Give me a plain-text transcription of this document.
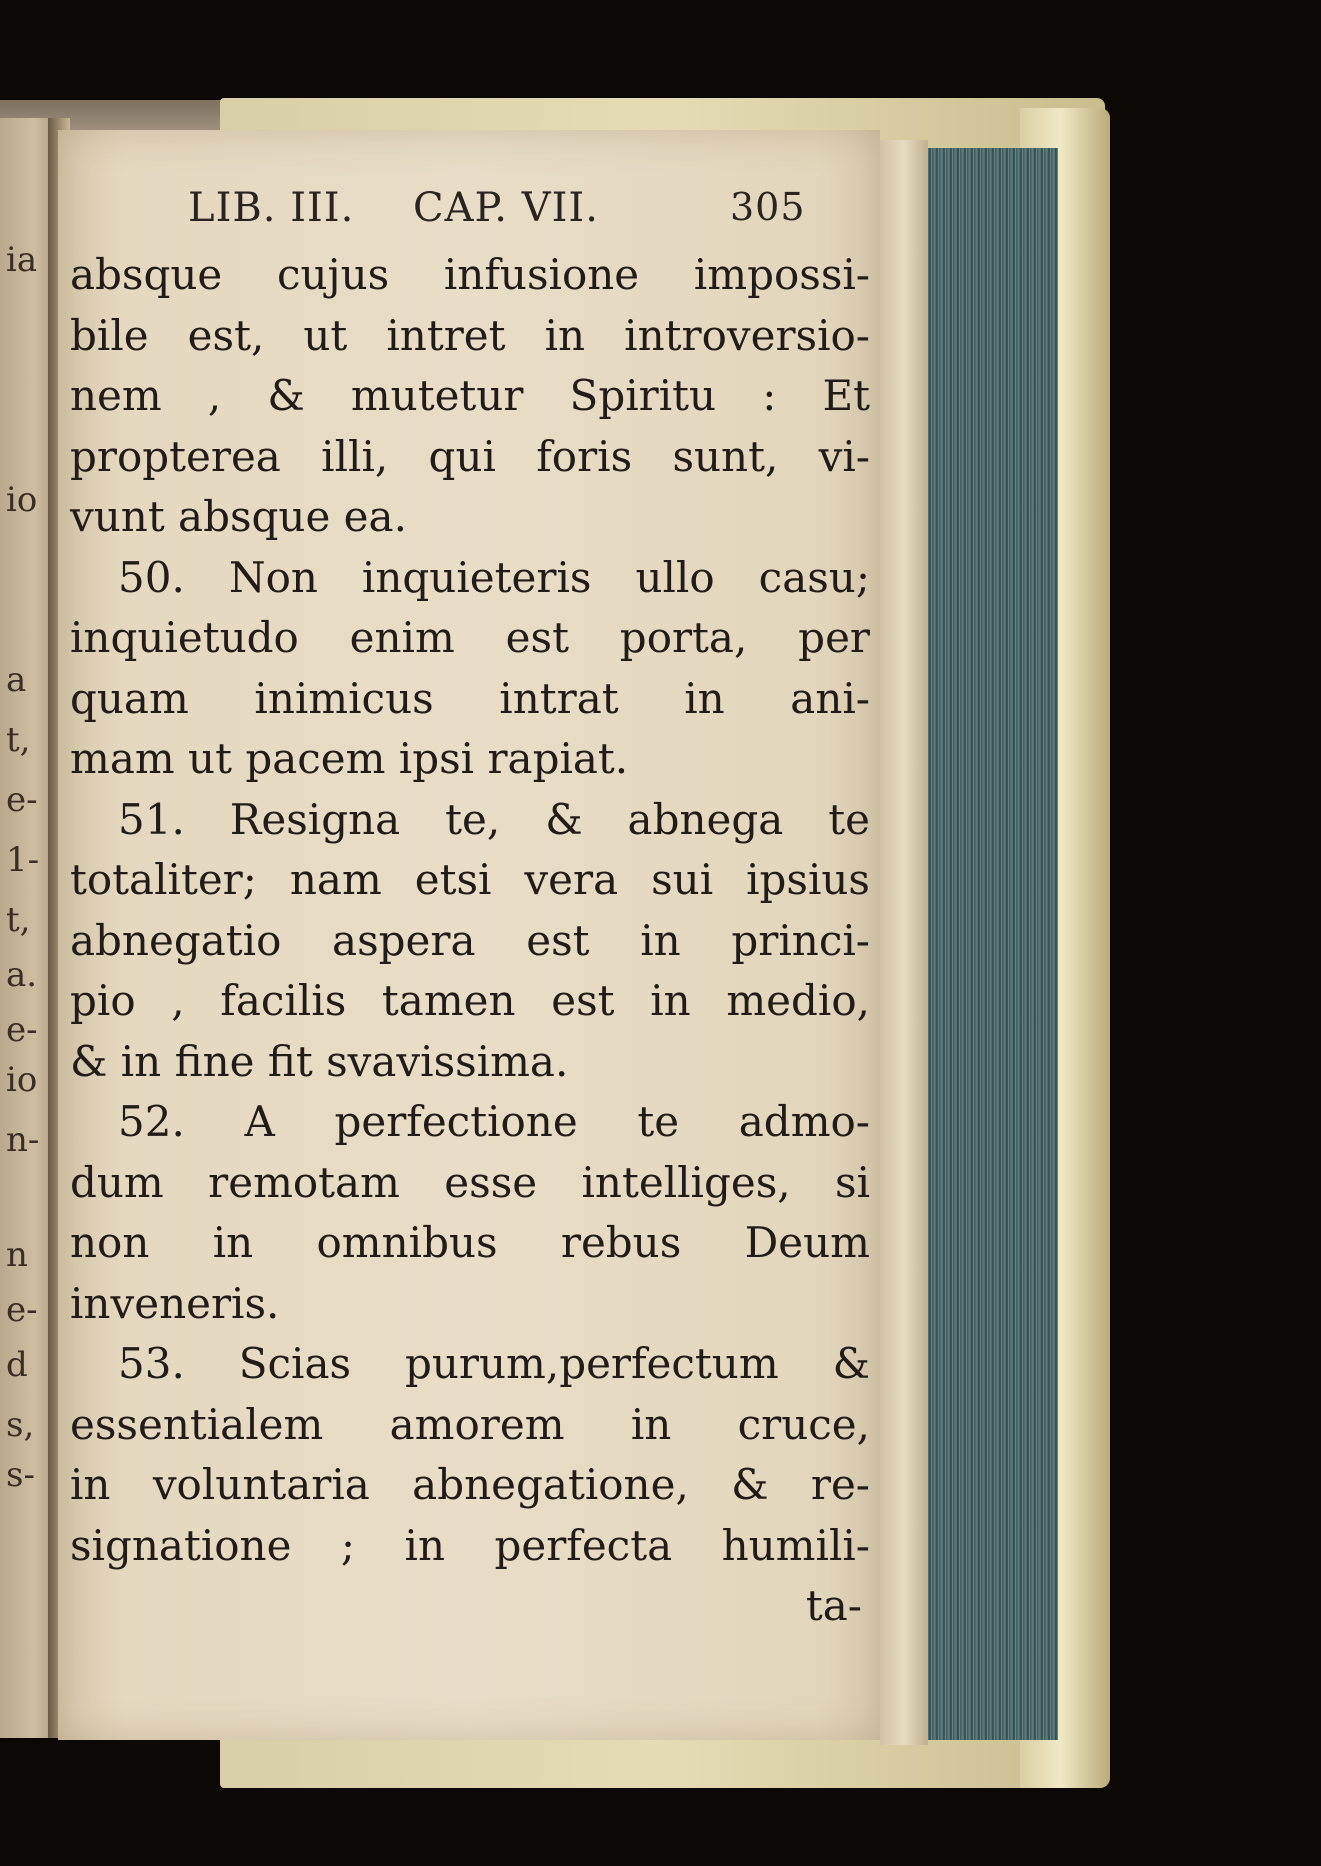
ia
io
a
t,
e-
1-
t,
a.
e-
io
n-
n
e-
d
s,
s-
LIB. III. CAP. VII.	305
absque cujus infusione impossi-
bile est, ut intret in introversio-
nem , & mutetur Spiritu : Et
propterea illi, qui foris sunt, vi-
vunt absque ea.
50. Non inquieteris ullo casu;
inquietudo enim est porta, per
quam inimicus intrat in ani-
mam ut pacem ipsi rapiat.
51. Resigna te, & abnega te
totaliter; nam etsi vera sui ipsius
abnegatio aspera est in princi-
pio , facilis tamen est in medio,
& in fine fit svavissima.
52. A perfectione te admo-
dum remotam esse intelliges, si
non in omnibus rebus Deum
inveneris.
53. Scias purum,perfectum &
essentialem amorem in cruce,
in voluntaria abnegatione, & re-
signatione ; in perfecta humili-
ta-
